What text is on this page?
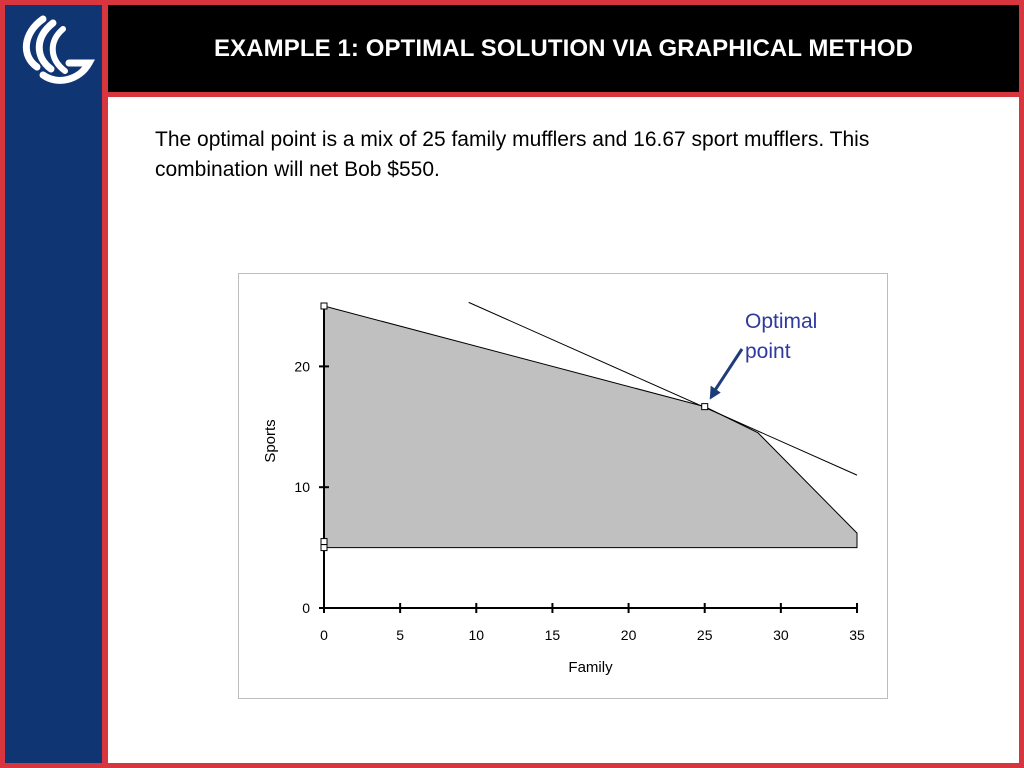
EXAMPLE 1: OPTIMAL SOLUTION VIA GRAPHICAL METHOD

The optimal point is a mix of 25 family mufflers and 16.67 sport mufflers. This combination will net Bob $550.

0	5	10	15	20	25	30	35
0
10
20
Family
Sports
Optimal
point
